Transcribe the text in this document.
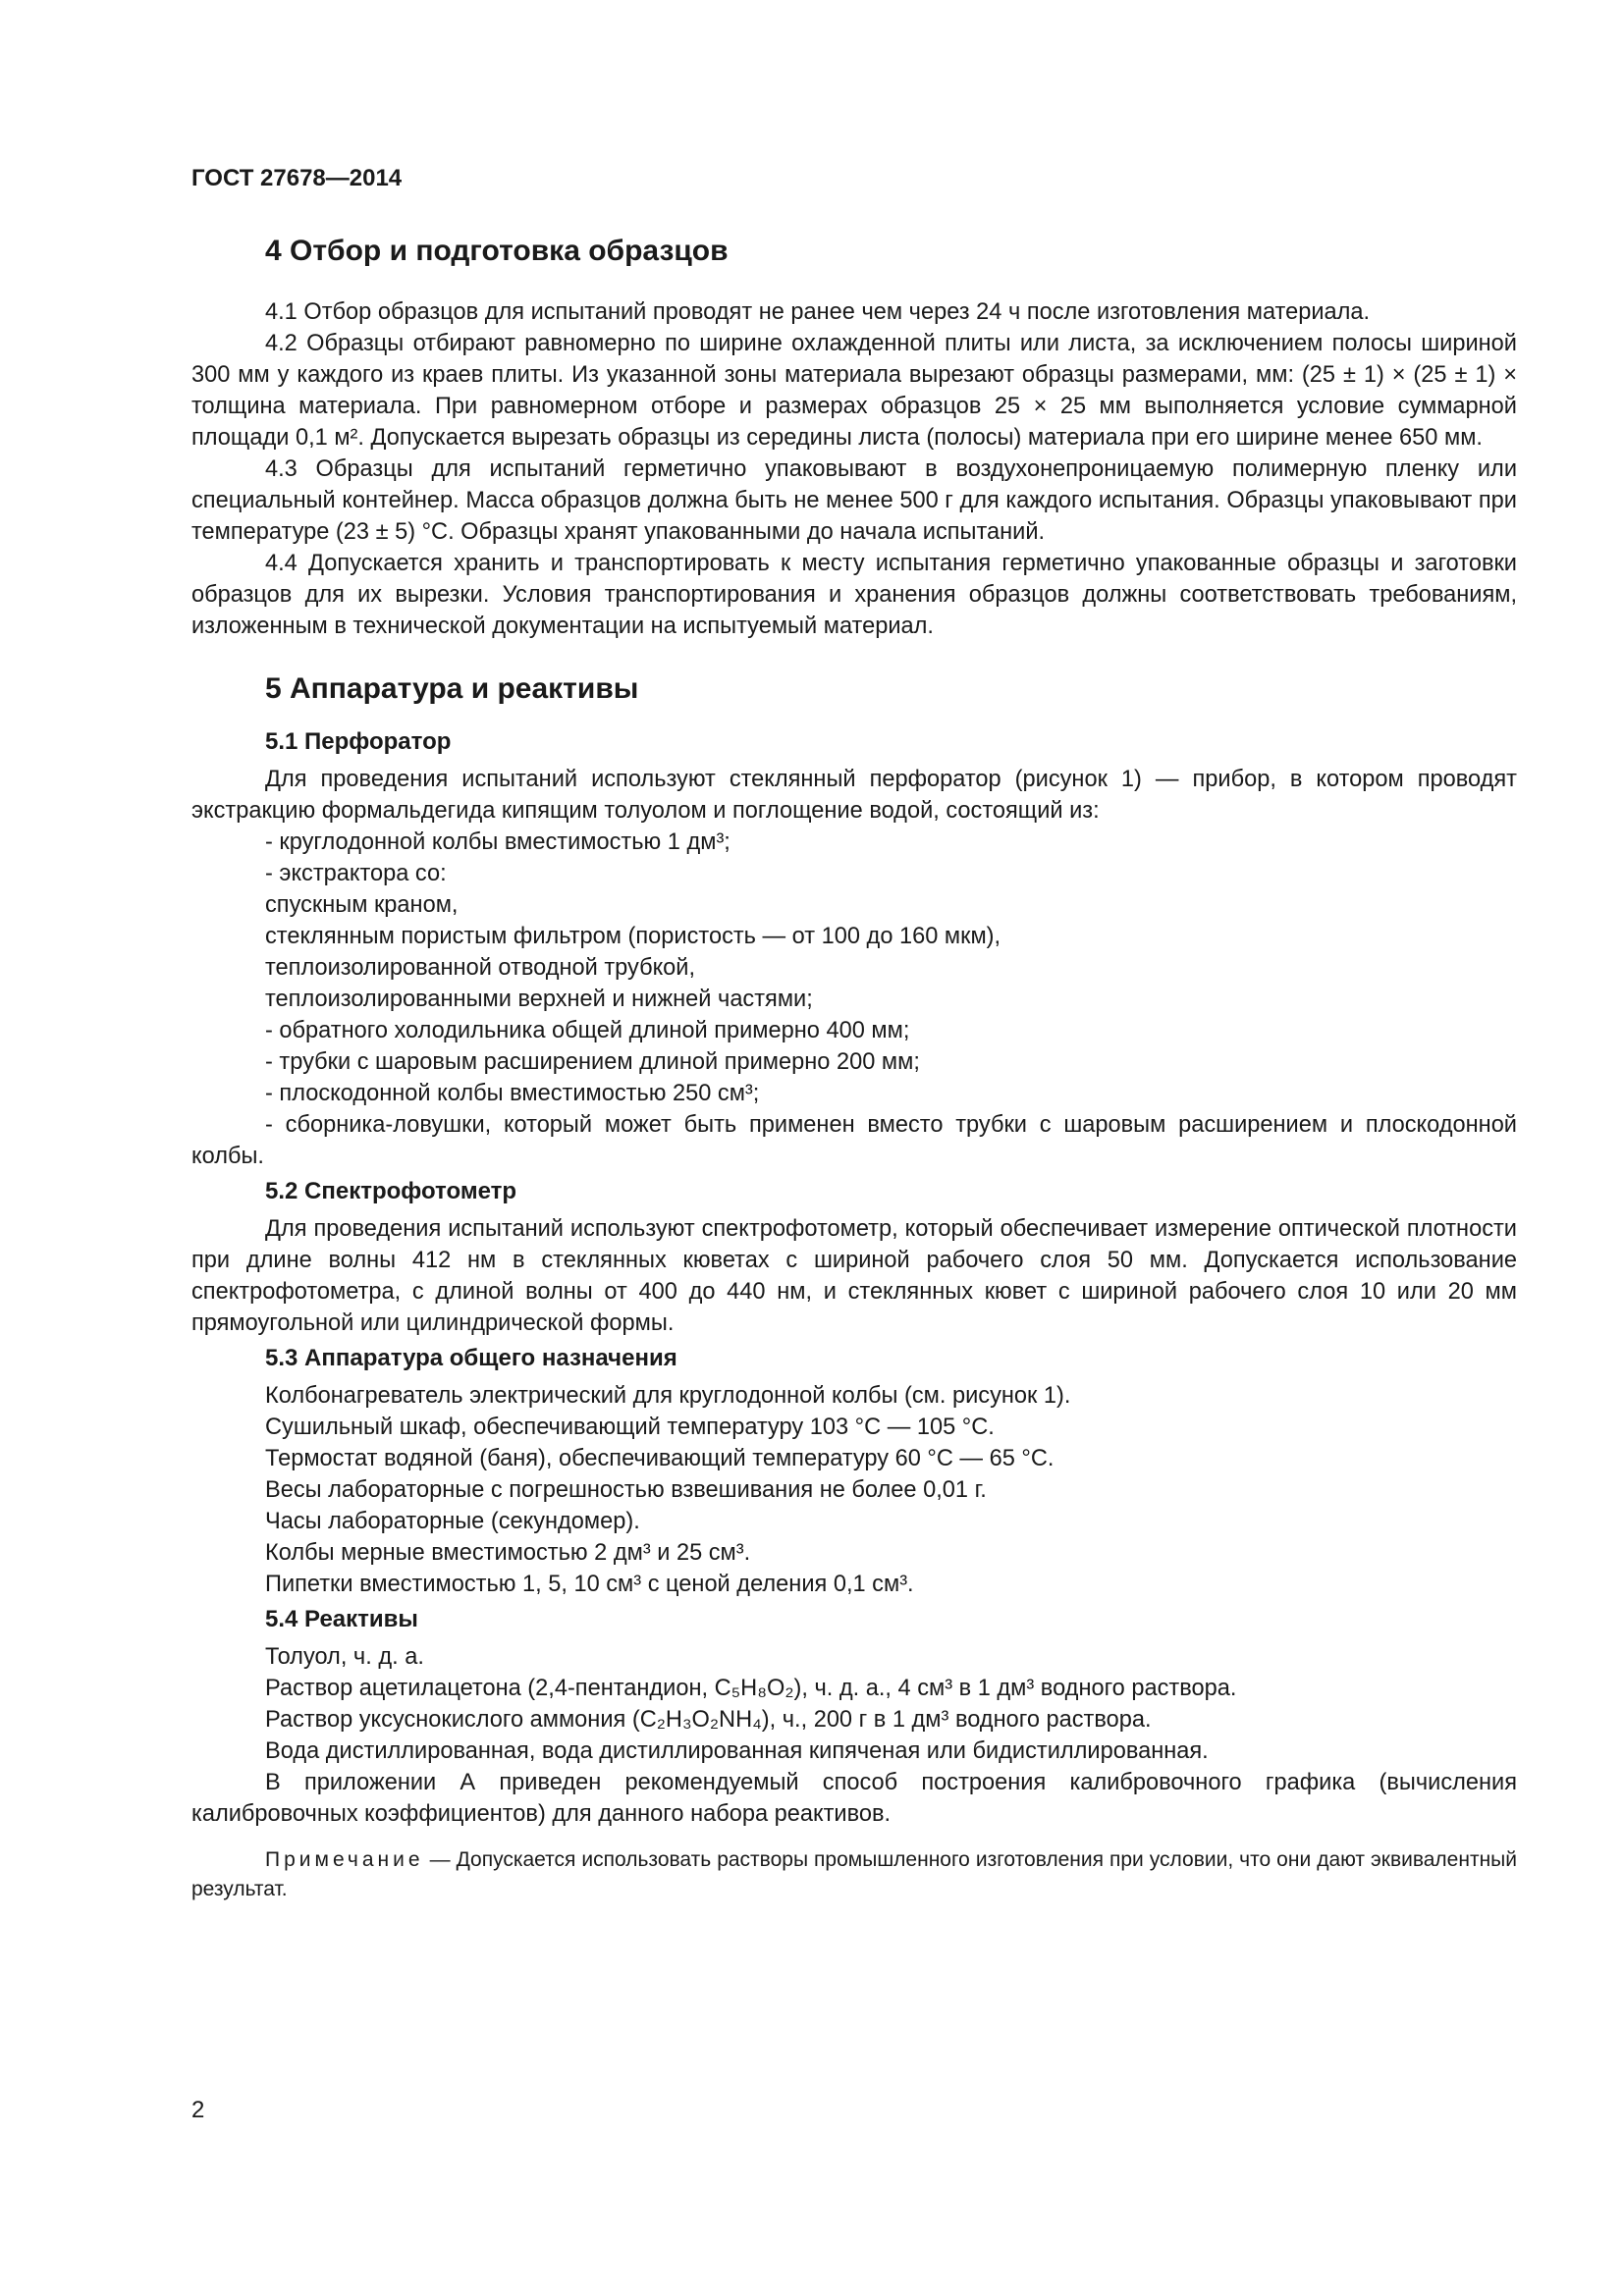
ГОСТ 27678—2014
4 Отбор и подготовка образцов

4.1 Отбор образцов для испытаний проводят не ранее чем через 24 ч после изготовления материала.

4.2 Образцы отбирают равномерно по ширине охлажденной плиты или листа, за исключением полосы шириной 300 мм у каждого из краев плиты. Из указанной зоны материала вырезают образцы размерами, мм: (25 ± 1) × (25 ± 1) × толщина материала. При равномерном отборе и размерах образцов 25 × 25 мм выполняется условие суммарной площади 0,1 м². Допускается вырезать образцы из середины листа (полосы) материала при его ширине менее 650 мм.

4.3 Образцы для испытаний герметично упаковывают в воздухонепроницаемую полимерную пленку или специальный контейнер. Масса образцов должна быть не менее 500 г для каждого испытания. Образцы упаковывают при температуре (23 ± 5) °С. Образцы хранят упакованными до начала испытаний.

4.4 Допускается хранить и транспортировать к месту испытания герметично упакованные образцы и заготовки образцов для их вырезки. Условия транспортирования и хранения образцов должны соответствовать требованиям, изложенным в технической документации на испытуемый материал.

5 Аппаратура и реактивы
5.1 Перфоратор

Для проведения испытаний используют стеклянный перфоратор (рисунок 1) — прибор, в котором проводят экстракцию формальдегида кипящим толуолом и поглощение водой, состоящий из:

- круглодонной колбы вместимостью 1 дм³;
- экстрактора со:
спускным краном,
стеклянным пористым фильтром (пористость — от 100 до 160 мкм),
теплоизолированной отводной трубкой,
теплоизолированными верхней и нижней частями;
- обратного холодильника общей длиной примерно 400 мм;
- трубки с шаровым расширением длиной примерно 200 мм;
- плоскодонной колбы вместимостью 250 см³;

- сборника-ловушки, который может быть применен вместо трубки с шаровым расширением и плоскодонной колбы.

5.2 Спектрофотометр

Для проведения испытаний используют спектрофотометр, который обеспечивает измерение оптической плотности при длине волны 412 нм в стеклянных кюветах с шириной рабочего слоя 50 мм. Допускается использование спектрофотометра, с длиной волны от 400 до 440 нм, и стеклянных кювет с шириной рабочего слоя 10 или 20 мм прямоугольной или цилиндрической формы.

5.3 Аппаратура общего назначения
Колбонагреватель электрический для круглодонной колбы (см. рисунок 1).
Сушильный шкаф, обеспечивающий температуру 103 °С — 105 °С.
Термостат водяной (баня), обеспечивающий температуру 60 °С — 65 °С.
Весы лабораторные с погрешностью взвешивания не более 0,01 г.
Часы лабораторные (секундомер).
Колбы мерные вместимостью 2 дм³ и 25 см³.
Пипетки вместимостью 1, 5, 10 см³ с ценой деления 0,1 см³.
5.4 Реактивы
Толуол, ч. д. а.
Раствор ацетилацетона (2,4-пентандион, C₅H₈O₂), ч. д. а., 4 см³ в 1 дм³ водного раствора.
Раствор уксуснокислого аммония (C₂H₃O₂NH₄), ч., 200 г в 1 дм³ водного раствора.
Вода дистиллированная, вода дистиллированная кипяченая или бидистиллированная.

В приложении А приведен рекомендуемый способ построения калибровочного графика (вычисления калибровочных коэффициентов) для данного набора реактивов.

Примечание — Допускается использовать растворы промышленного изготовления при условии, что они дают эквивалентный результат.

2
